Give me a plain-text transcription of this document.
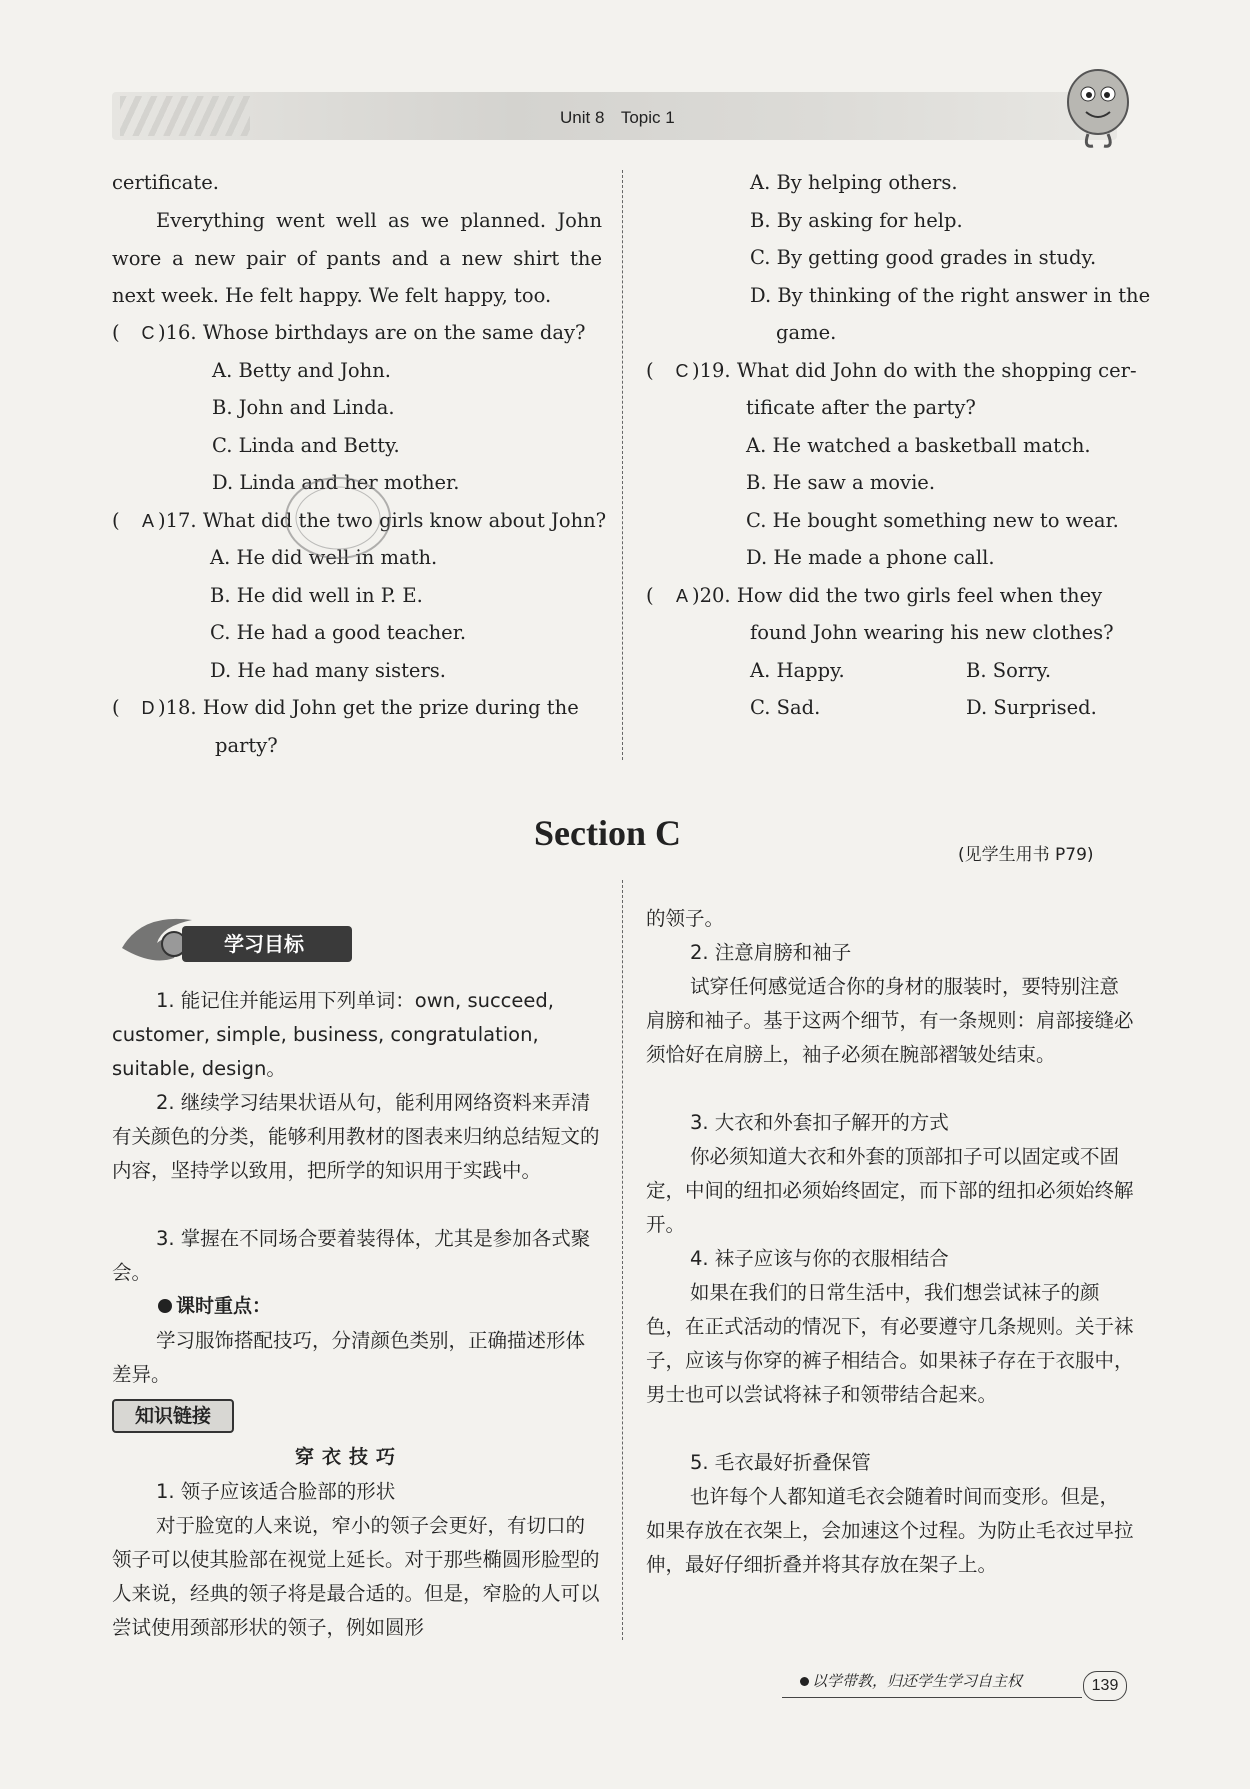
Unit 8 Topic 1
certificate.
Everything went well as we planned. John wore a new pair of pants and a new shirt the next week. He felt happy. We felt happy, too.
( C )16. Whose birthdays are on the same day?
A. Betty and John.
B. John and Linda.
C. Linda and Betty.
D. Linda and her mother.
( A )17. What did the two girls know about John?
A. He did well in math.
B. He did well in P. E.
C. He had a good teacher.
D. He had many sisters.
( D )18. How did John get the prize during the
party?
A. By helping others.
B. By asking for help.
C. By getting good grades in study.
D. By thinking of the right answer in the
game.
( C )19. What did John do with the shopping cer-
tificate after the party?
A. He watched a basketball match.
B. He saw a movie.
C. He bought something new to wear.
D. He made a phone call.
( A )20. How did the two girls feel when they
found John wearing his new clothes?
A. Happy.	B. Sorry.
C. Sad.	D. Surprised.
Section C
(见学生用书 P79)
学习目标
1. 能记住并能运用下列单词：own, succeed, customer, simple, business, congratulation, suitable, design。
2. 继续学习结果状语从句，能利用网络资料来弄清有关颜色的分类，能够利用教材的图表来归纳总结短文的内容，坚持学以致用，把所学的知识用于实践中。
3. 掌握在不同场合要着装得体，尤其是参加各式聚会。
课时重点：
学习服饰搭配技巧，分清颜色类别，正确描述形体差异。
知识链接
穿衣技巧
1. 领子应该适合脸部的形状
对于脸宽的人来说，窄小的领子会更好，有切口的领子可以使其脸部在视觉上延长。对于那些椭圆形脸型的人来说，经典的领子将是最合适的。但是，窄脸的人可以尝试使用颈部形状的领子，例如圆形
的领子。
2. 注意肩膀和袖子
试穿任何感觉适合你的身材的服装时，要特别注意肩膀和袖子。基于这两个细节，有一条规则：肩部接缝必须恰好在肩膀上，袖子必须在腕部褶皱处结束。
3. 大衣和外套扣子解开的方式
你必须知道大衣和外套的顶部扣子可以固定或不固定，中间的纽扣必须始终固定，而下部的纽扣必须始终解开。
4. 袜子应该与你的衣服相结合
如果在我们的日常生活中，我们想尝试袜子的颜色，在正式活动的情况下，有必要遵守几条规则。关于袜子，应该与你穿的裤子相结合。如果袜子存在于衣服中，男士也可以尝试将袜子和领带结合起来。
5. 毛衣最好折叠保管
也许每个人都知道毛衣会随着时间而变形。但是，如果存放在衣架上，会加速这个过程。为防止毛衣过早拉伸，最好仔细折叠并将其存放在架子上。
以学带教，归还学生学习自主权	139
